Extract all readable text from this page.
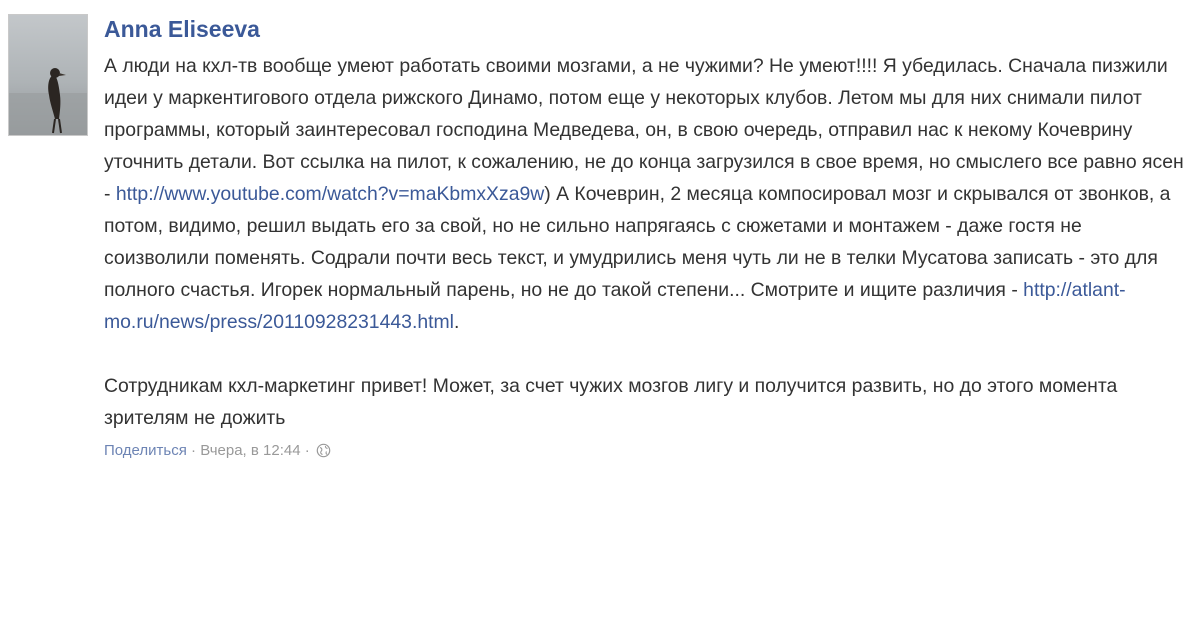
Anna Eliseeva

А люди на кхл-тв вообще умеют работать своими мозгами, а не чужими? Не умеют!!!! Я убедилась. Сначала пизжили идеи у маркентигового отдела рижского Динамо, потом еще у некоторых клубов. Летом мы для них снимали пилот программы, который заинтересовал господина Медведева, он, в свою очередь, отправил нас к некому Кочеврину уточнить детали. Вот ссылка на пилот, к сожалению, не до конца загрузился в свое время, но смыслего все равно ясен - http://www.youtube.com/watch?v=maKbmxXza9w) А Кочеврин, 2 месяца компосировал мозг и скрывался от звонков, а потом, видимо, решил выдать его за свой, но не сильно напрягаясь с сюжетами и монтажем - даже гостя не соизволили поменять. Содрали почти весь текст, и умудрились меня чуть ли не в телки Мусатова записать - это для полного счастья. Игорек нормальный парень, но не до такой степени... Смотрите и ищите различия - http://atlant-mo.ru/news/press/20110928231443.html.

Сотрудникам кхл-маркетинг привет! Может, за счет чужих мозгов лигу и получится развить, но до этого момента зрителям не дожить

Поделиться · Вчера, в 12:44 ·
